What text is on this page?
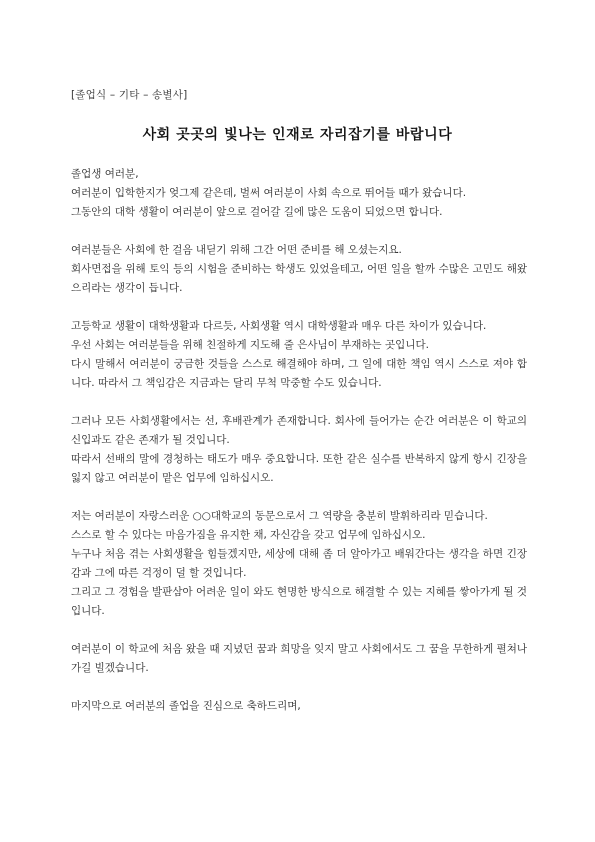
[졸업식 – 기타 – 송별사]
사회 곳곳의 빛나는 인재로 자리잡기를 바랍니다
졸업생 여러분,
여러분이 입학한지가 엊그제 같은데, 벌써 여러분이 사회 속으로 뛰어들 때가 왔습니다.
그동안의 대학 생활이 여러분이 앞으로 걸어갈 길에 많은 도움이 되었으면 합니다.
여러분들은 사회에 한 걸음 내딛기 위해 그간 어떤 준비를 해 오셨는지요.
회사면접을 위해 토익 등의 시험을 준비하는 학생도 있었을테고, 어떤 일을 할까 수많은 고민도 해왔으리라는 생각이 듭니다.
고등학교 생활이 대학생활과 다르듯, 사회생활 역시 대학생활과 매우 다른 차이가 있습니다.
우선 사회는 여러분들을 위해 친절하게 지도해 줄 은사님이 부재하는 곳입니다.
다시 말해서 여러분이 궁금한 것들을 스스로 해결해야 하며, 그 일에 대한 책임 역시 스스로 져야 합니다. 따라서 그 책임감은 지금과는 달리 무척 막중할 수도 있습니다.
그러나 모든 사회생활에서는 선, 후배관계가 존재합니다. 회사에 들어가는 순간 여러분은 이 학교의 신입과도 같은 존재가 될 것입니다.
따라서 선배의 말에 경청하는 태도가 매우 중요합니다. 또한 같은 실수를 반복하지 않게 항시 긴장을 잃지 않고 여러분이 맡은 업무에 임하십시오.
저는 여러분이 자랑스러운 ○○대학교의 동문으로서 그 역량을 충분히 발휘하리라 믿습니다.
스스로 할 수 있다는 마음가짐을 유지한 채, 자신감을 갖고 업무에 임하십시오.
누구나 처음 겪는 사회생활을 힘들겠지만, 세상에 대해 좀 더 알아가고 배워간다는 생각을 하면 긴장감과 그에 따른 걱정이 덜 할 것입니다.
그리고 그 경험을 발판삼아 어려운 일이 와도 현명한 방식으로 해결할 수 있는 지혜를 쌓아가게 될 것입니다.
여러분이 이 학교에 처음 왔을 때 지녔던 꿈과 희망을 잊지 말고 사회에서도 그 꿈을 무한하게 펼쳐나가길 빌겠습니다.
마지막으로 여러분의 졸업을 진심으로 축하드리며,
